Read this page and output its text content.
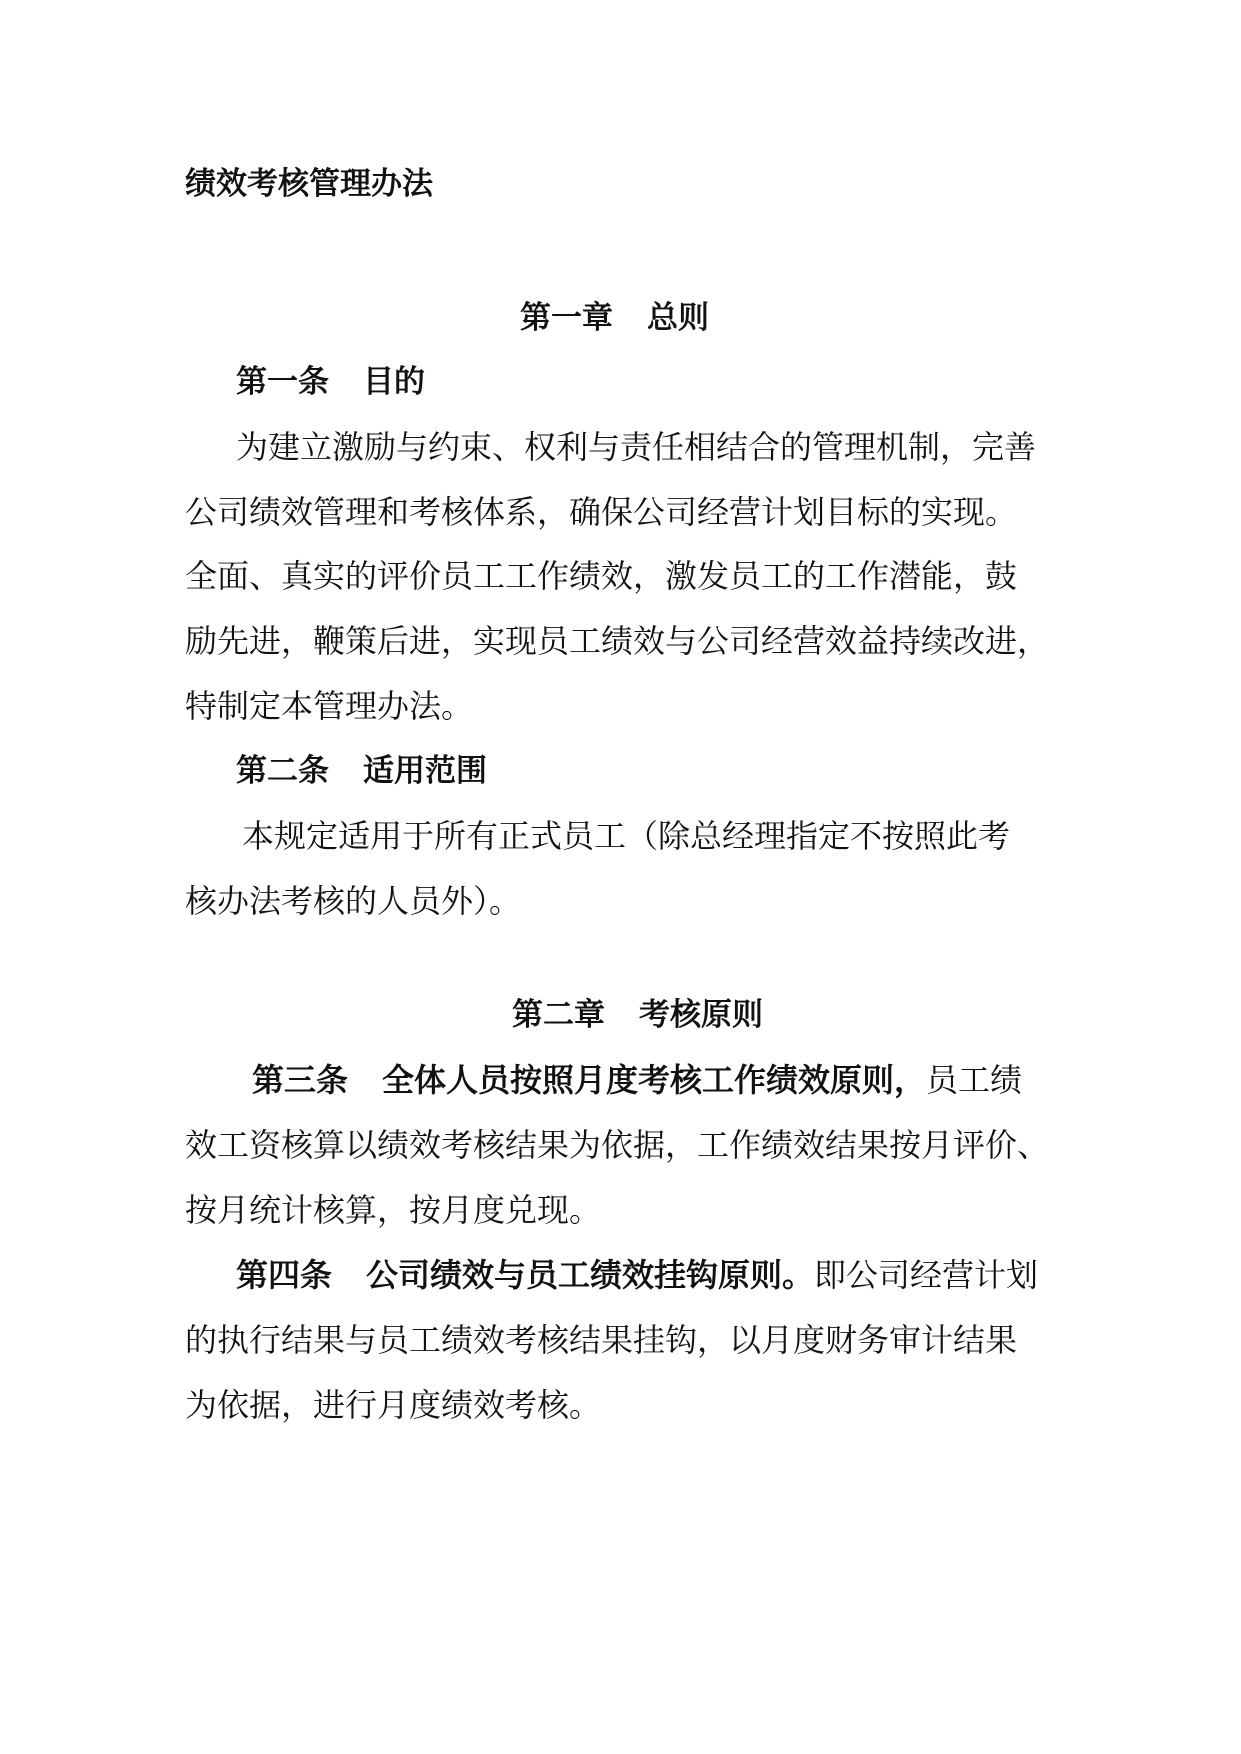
绩效考核管理办法
第一章 总则
第一条 目的
为建立激励与约束、权利与责任相结合的管理机制，完善
公司绩效管理和考核体系，确保公司经营计划目标的实现。
全面、真实的评价员工工作绩效，激发员工的工作潜能，鼓
励先进，鞭策后进，实现员工绩效与公司经营效益持续改进，
特制定本管理办法。
第二条 适用范围
本规定适用于所有正式员工（除总经理指定不按照此考
核办法考核的人员外）。
第二章 考核原则
第三条 全体人员按照月度考核工作绩效原则，员工绩
效工资核算以绩效考核结果为依据，工作绩效结果按月评价、
按月统计核算，按月度兑现。
第四条 公司绩效与员工绩效挂钩原则。即公司经营计划
的执行结果与员工绩效考核结果挂钩，以月度财务审计结果
为依据，进行月度绩效考核。
